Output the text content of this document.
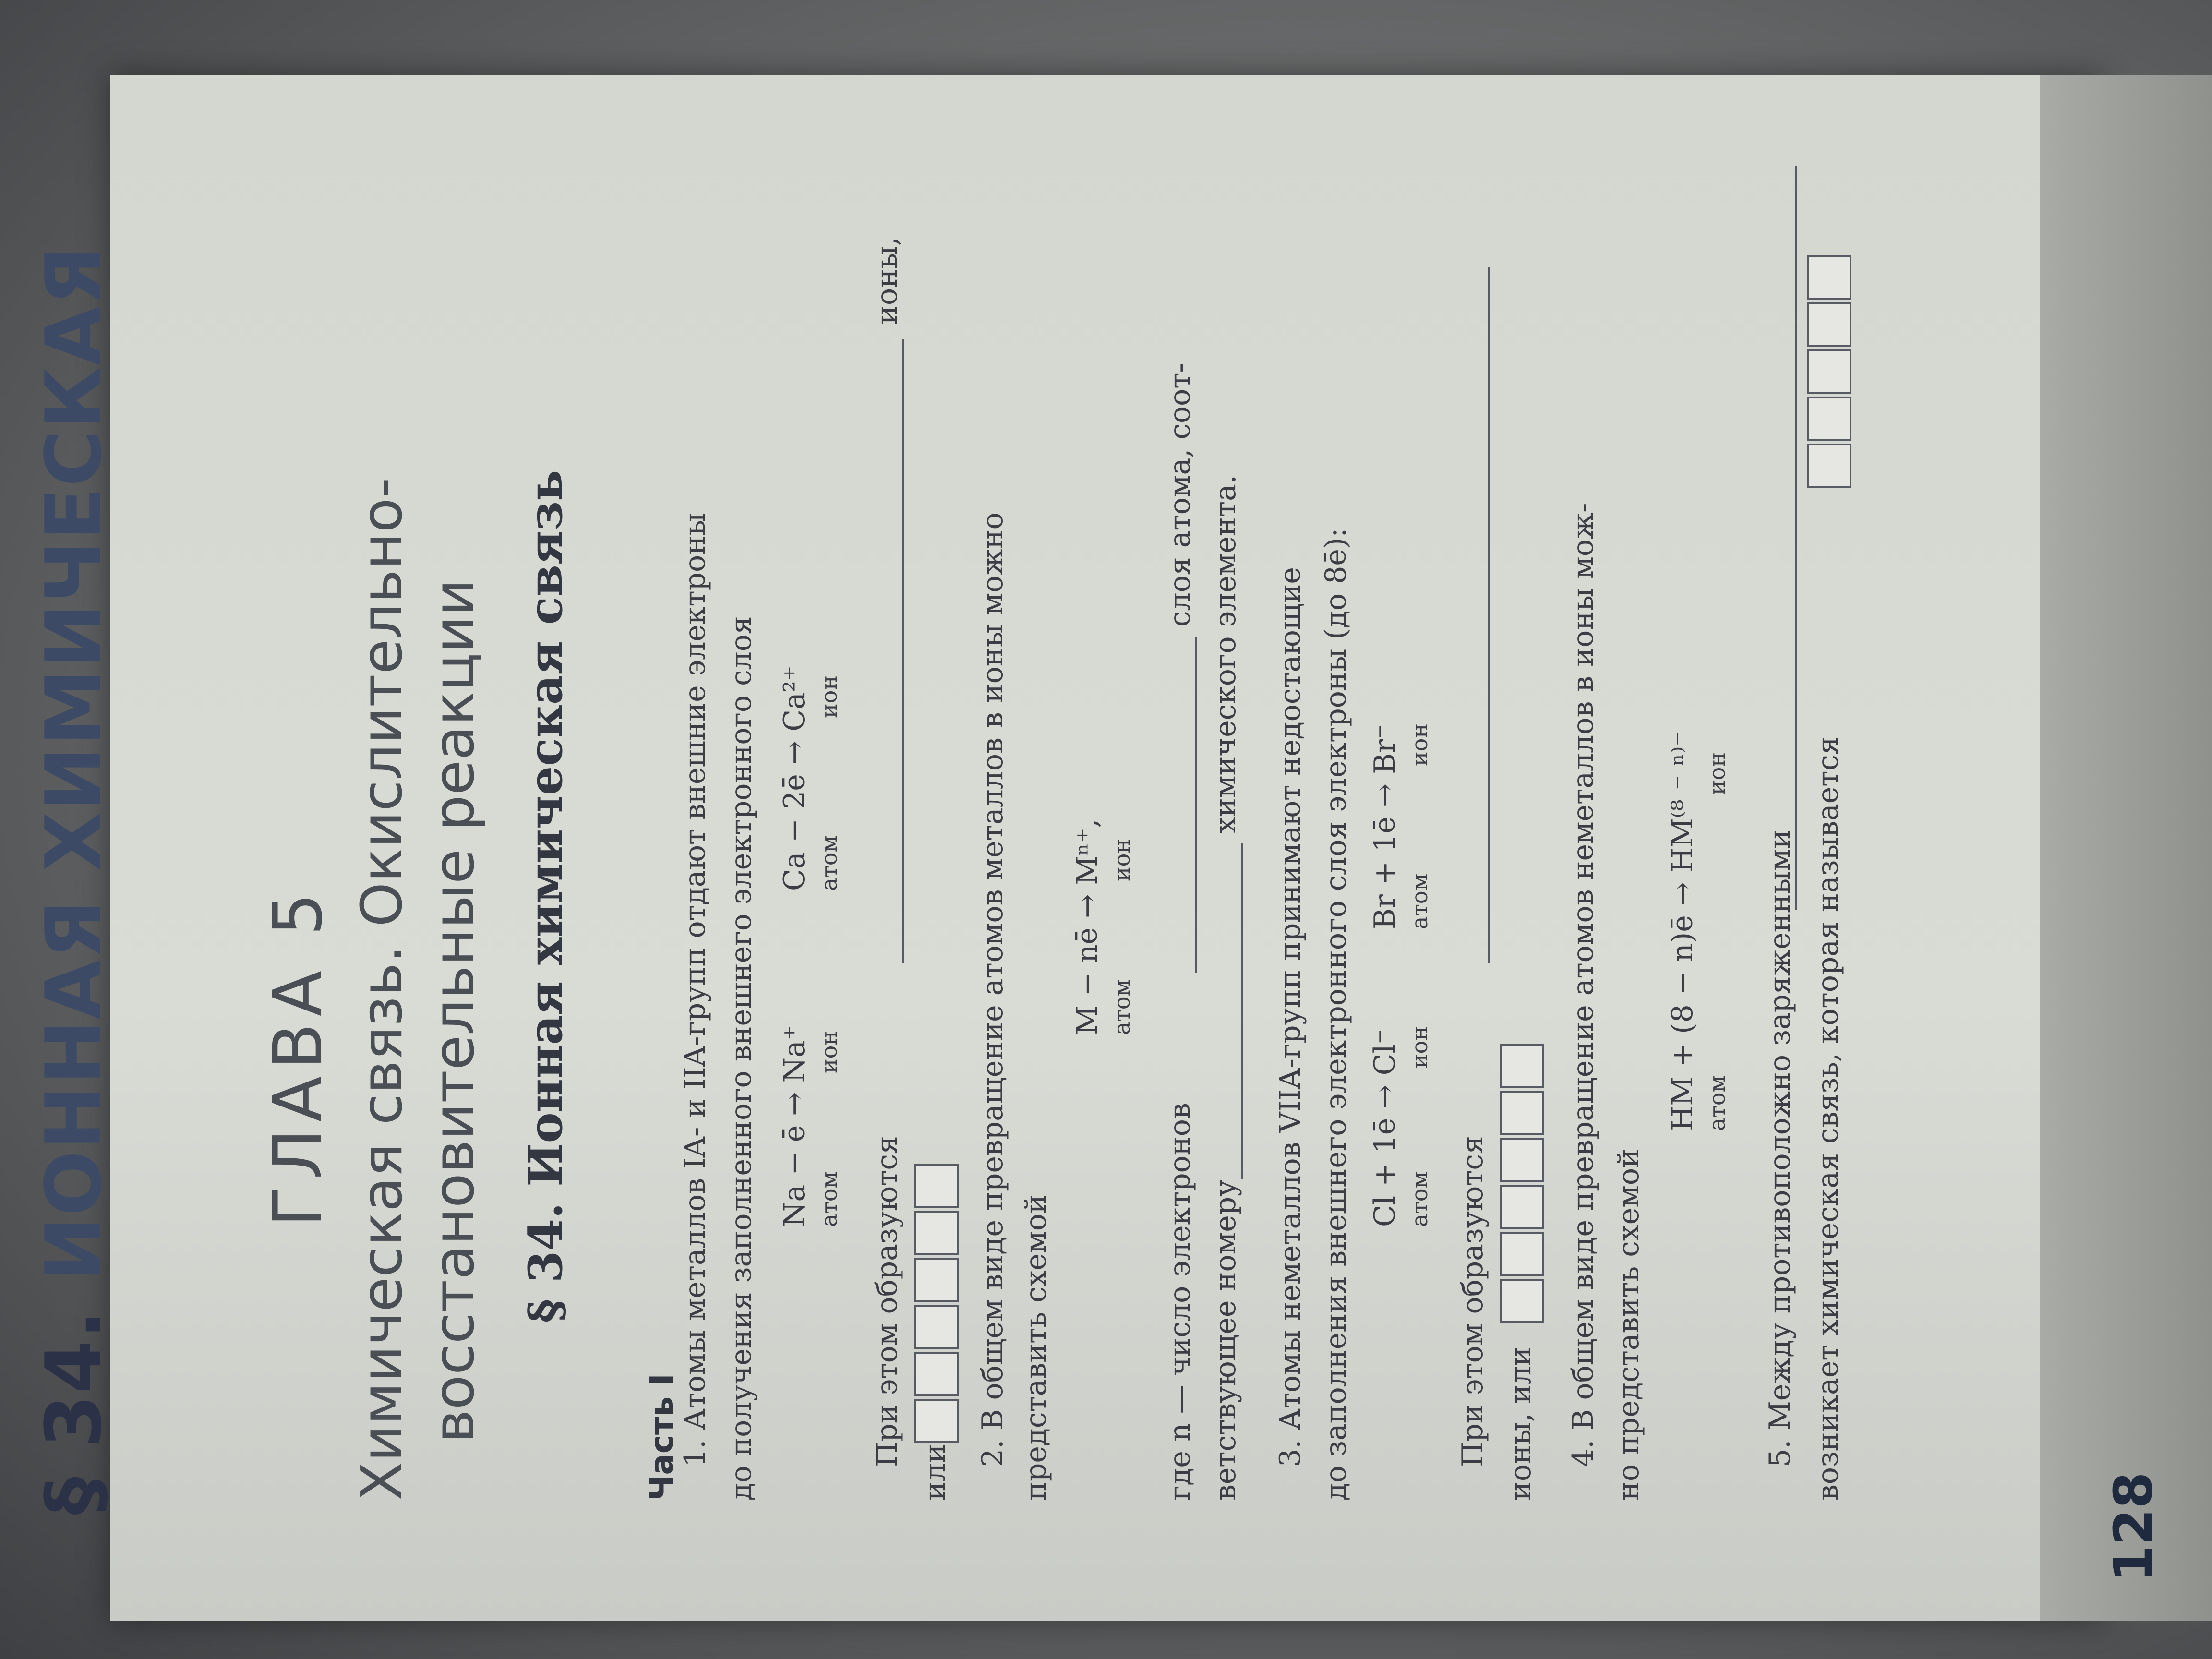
§ 34. ИОННАЯ ХИМИЧЕСКАЯ
128
ГЛАВА 5 Химическая связь. Окислительно- восстановительные реакции § 34. Ионная химическая связь
Часть I
1. Атомы металлов IA- и IIA-групп отдают внешние электроны до получения заполненного внешнего электронного слоя Na − ē → Na⁺ атом
ион
Ca − 2ē → Ca²⁺ атом
ион
При этом образуются
ионы,
или
2. В общем виде превращение атомов металлов в ионы можно представить схемой
M − nē → Mⁿ⁺, атом
ион
где n — число электронов
слоя атома, соот-
ветствующее номеру
химического элемента. 3. Атомы неметаллов VIIA-групп принимают недостающие до заполнения внешнего электронного слоя электроны (до 8ē): Cl + 1ē → Cl⁻ атом
ион
Br + 1ē → Br⁻ атом
ион
При этом образуются ионы, или 4. В общем виде превращение атомов неметаллов в ионы мож- но представить схемой
HM + (8 − n)ē → HM⁽⁸ ⁻ ⁿ⁾⁻ атом
ион
5. Между противоположно заряженными возникает химическая связь, которая называется
